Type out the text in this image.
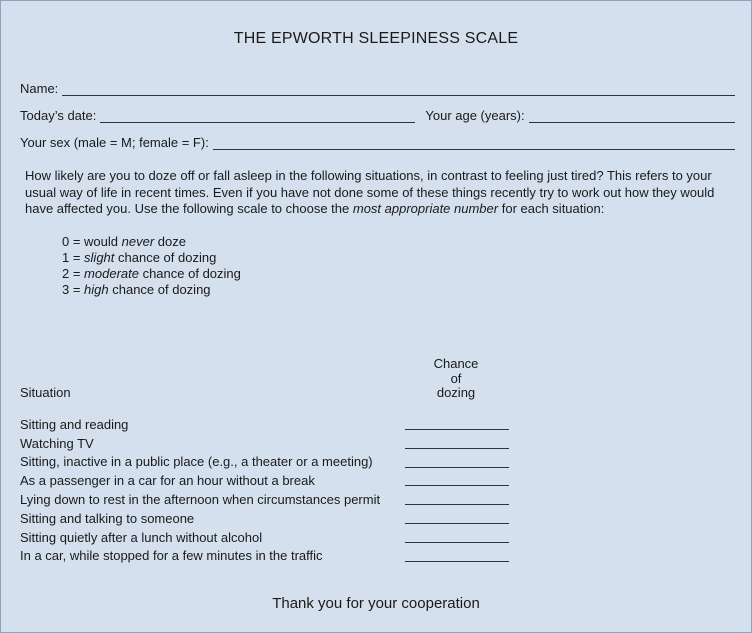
THE EPWORTH SLEEPINESS SCALE
Name:
Today’s date:	Your age (years):
Your sex (male = M; female = F):

How likely are you to doze off or fall asleep in the following situations, in contrast to feeling just tired? This refers to your usual way of life in recent times. Even if you have not done some of these things recently try to work out how they would have affected you. Use the following scale to choose the most appropriate number for each situation:

0 = would never doze
1 = slight chance of dozing
2 = moderate chance of dozing
3 = high chance of dozing
Chance
of
dozing
Situation
Sitting and reading
Watching TV
Sitting, inactive in a public place (e.g., a theater or a meeting)
As a passenger in a car for an hour without a break
Lying down to rest in the afternoon when circumstances permit
Sitting and talking to someone
Sitting quietly after a lunch without alcohol
In a car, while stopped for a few minutes in the traffic
Thank you for your cooperation
